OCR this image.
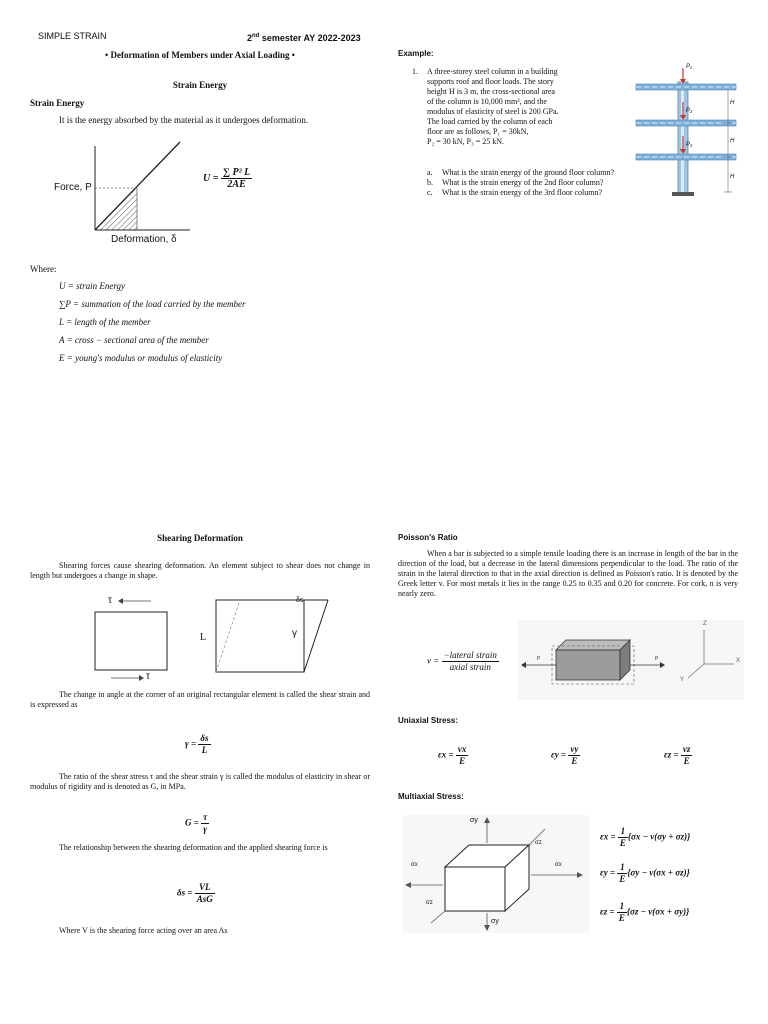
SIMPLE STRAIN	2nd semester AY 2022-2023
• Deformation of Members under Axial Loading •
Strain Energy
Strain Energy
It is the energy absorbed by the material as it undergoes deformation.
Force, P
Deformation, δ
$U = \frac{\text{∑ P² L}}{2AE}$
Where:
U = strain Energy
∑P = summation of the load carried by the member
L = length of the member
A = cross − sectional area of the member
E = young's modulus or modulus of elasticity
Example:
1. A three-storey steel column in a building
supports roof and floor loads. The story
height H is 3 m, the cross-sectional area
of the column is 10,000 mm², and the
modulus of elasticity of steel is 200 GPa.
The load carried by the column of each
floor are as follows, P₁ = 30kN,
P₂ = 30 kN, P₃ = 25 kN.
a. What is the strain energy of the ground floor column?
b. What is the strain energy of the 2nd floor column?
c. What is the strain energy of the 3rd floor column?
P₁
P₂
P₃
H
H
H
Shearing Deformation
Shearing forces cause shearing deformation. An element subject to shear does not change in length but undergoes a change in shape.
τ
τ
L	γ
δs
The change in angle at the corner of an original rectangular element is called the shear strain and is expressed as
$\gamma = \frac{\delta s}{L}$
The ratio of the shear stress τ and the shear strain γ is called the modulus of elasticity in shear or modulus of rigidity and is denoted as G, in MPa.
$G = \frac{\tau}{\gamma}$
The relationship between the shearing deformation and the applied shearing force is
$\delta s = \frac{VL}{\text{AsG}}$
Where V is the shearing force acting over an area As
Poisson's Ratio
When a bar is subjected to a simple tensile loading there is an increase in length of the bar in the direction of the load, but a decrease in the lateral dimensions perpendicular to the load. The ratio of the strain in the lateral direction to that in the axial direction is defined as Poisson's ratio. It is denoted by the Greek letter v. For most metals it lies in the range 0.25 to 0.35 and 0.20 for concrete. For cork, n is very nearly zero.
$v = \frac{\text{−lateral strain}}{\text{axial strain}}$
Z
X
Y
P	P
Uniaxial Stress:
$\varepsilon x = \frac{vx}{E}$	$\varepsilon y = \frac{vy}{E}$	$\varepsilon z = \frac{vz}{E}$
Multiaxial Stress:
σy
σy
σx	σx
σz
σz
$\varepsilon x = \frac{1}{E} \{\sigma x - v(\sigma y + \sigma z)\}$
$\varepsilon y = \frac{1}{E} \{\sigma y - v(\sigma x + \sigma z)\}$
$\varepsilon z = \frac{1}{E} \{\sigma z - v(\sigma x + \sigma y)\}$
